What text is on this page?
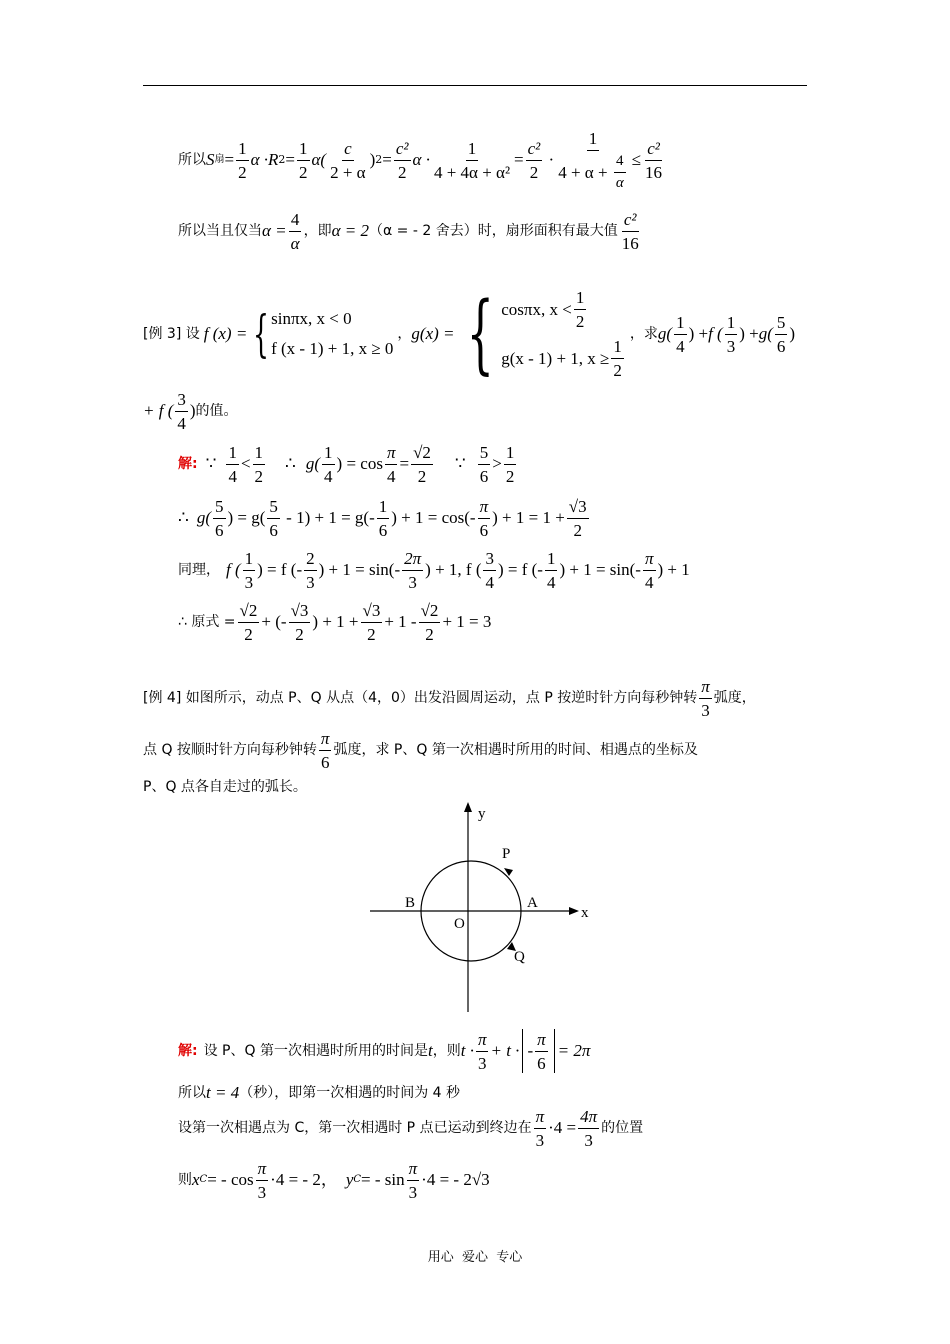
所以 S 扇 = $\frac{1}{2}$ α ·R $2 = \frac{1}{2} \alpha( \frac{c}{2 + \alpha}$ ) $2 = \frac{\text{c²}}{2}$ $\alpha \cdot \frac{1}{\text{4 + 4α + α²}} = \frac{\text{c²}}{2} \cdot \frac{1}{4 + \alpha + \frac{4}{\alpha}} \le \frac{\text{c²}}{16}$
所以当且仅当 $\alpha = \frac{4}{\alpha}$ ，即 α = 2 （α = - 2 舍去）时，扇形面积有最大值 $\frac{\text{c²}}{16}$
[例 3] 设 f (x) = { sinπx, x < 0
f (x - 1) + 1, x ≥ 0
， g(x) = { cosπx, $x < \frac{1}{2}$
g(x - 1) + 1, $x \ge \frac{1}{2}$
，求 $g( \frac{1}{4}$ ) + f ( $\frac{1}{3}$ ) + $g( \frac{5}{6}$ )
+ f ( $\frac{3}{4}$ ) 的值。
解: ∵ $\frac{1}{4} < \frac{1}{2}$ ∴ $g( \frac{1}{4}$ ) = $\cos \frac{\pi}{4} = \frac{√2}{2}$ ∵ $\frac{5}{6} > \frac{1}{2}$
∴ $g( \frac{5}{6}$ ) = $g( \frac{5}{6} - 1) + 1 = g(- \frac{1}{6}$ ) + $1 = \cos(- \frac{\pi}{6}$ ) + $1 = 1 + \frac{√3}{2}$
同理， f ( $\frac{1}{3}$ ) = f (- $\frac{2}{3}$ ) + $1 = \sin(- \frac{2\pi}{3}$ ) + 1, f ( $\frac{3}{4}$ ) = f (- $\frac{1}{4}$ ) + $1 = \sin(- \frac{\pi}{4}$ ) + 1
∴ 原式 = $\frac{√2}{2}$ + (- $\frac{√3}{2}$ ) + $1 + \frac{√3}{2} + 1 - \frac{√2}{2} + 1 = 3$
[例 4] 如图所示，动点 P、Q 从点（4，0）出发沿圆周运动，点 P 按逆时针方向每秒钟转 $\frac{\pi}{3}$ 弧度，
点 Q 按顺时针方向每秒钟转 $\frac{\pi}{6}$ 弧度，求 P、Q 第一次相遇时所用的时间、相遇点的坐标及
P、Q 点各自走过的弧长。
y
x
P
A
B
O
Q
解: 设 P、Q 第一次相遇时所用的时间是 t ，则 $t \cdot \frac{\pi}{3} + t$ · - $\frac{\pi}{6} = 2\pi$
所以 t = 4 （秒），即第一次相遇的时间为 4 秒
设第一次相遇点为 C，第一次相遇时 P 点已运动到终边在 $\frac{\pi}{3} \cdot 4 = \frac{4\pi}{3}$ 的位置
则 x C = - $\cos \frac{\pi}{3} \cdot 4$ = - 2， y C = - $\sin \frac{\pi}{3} \cdot 4$ = - 2√3
用心  爱心  专心
